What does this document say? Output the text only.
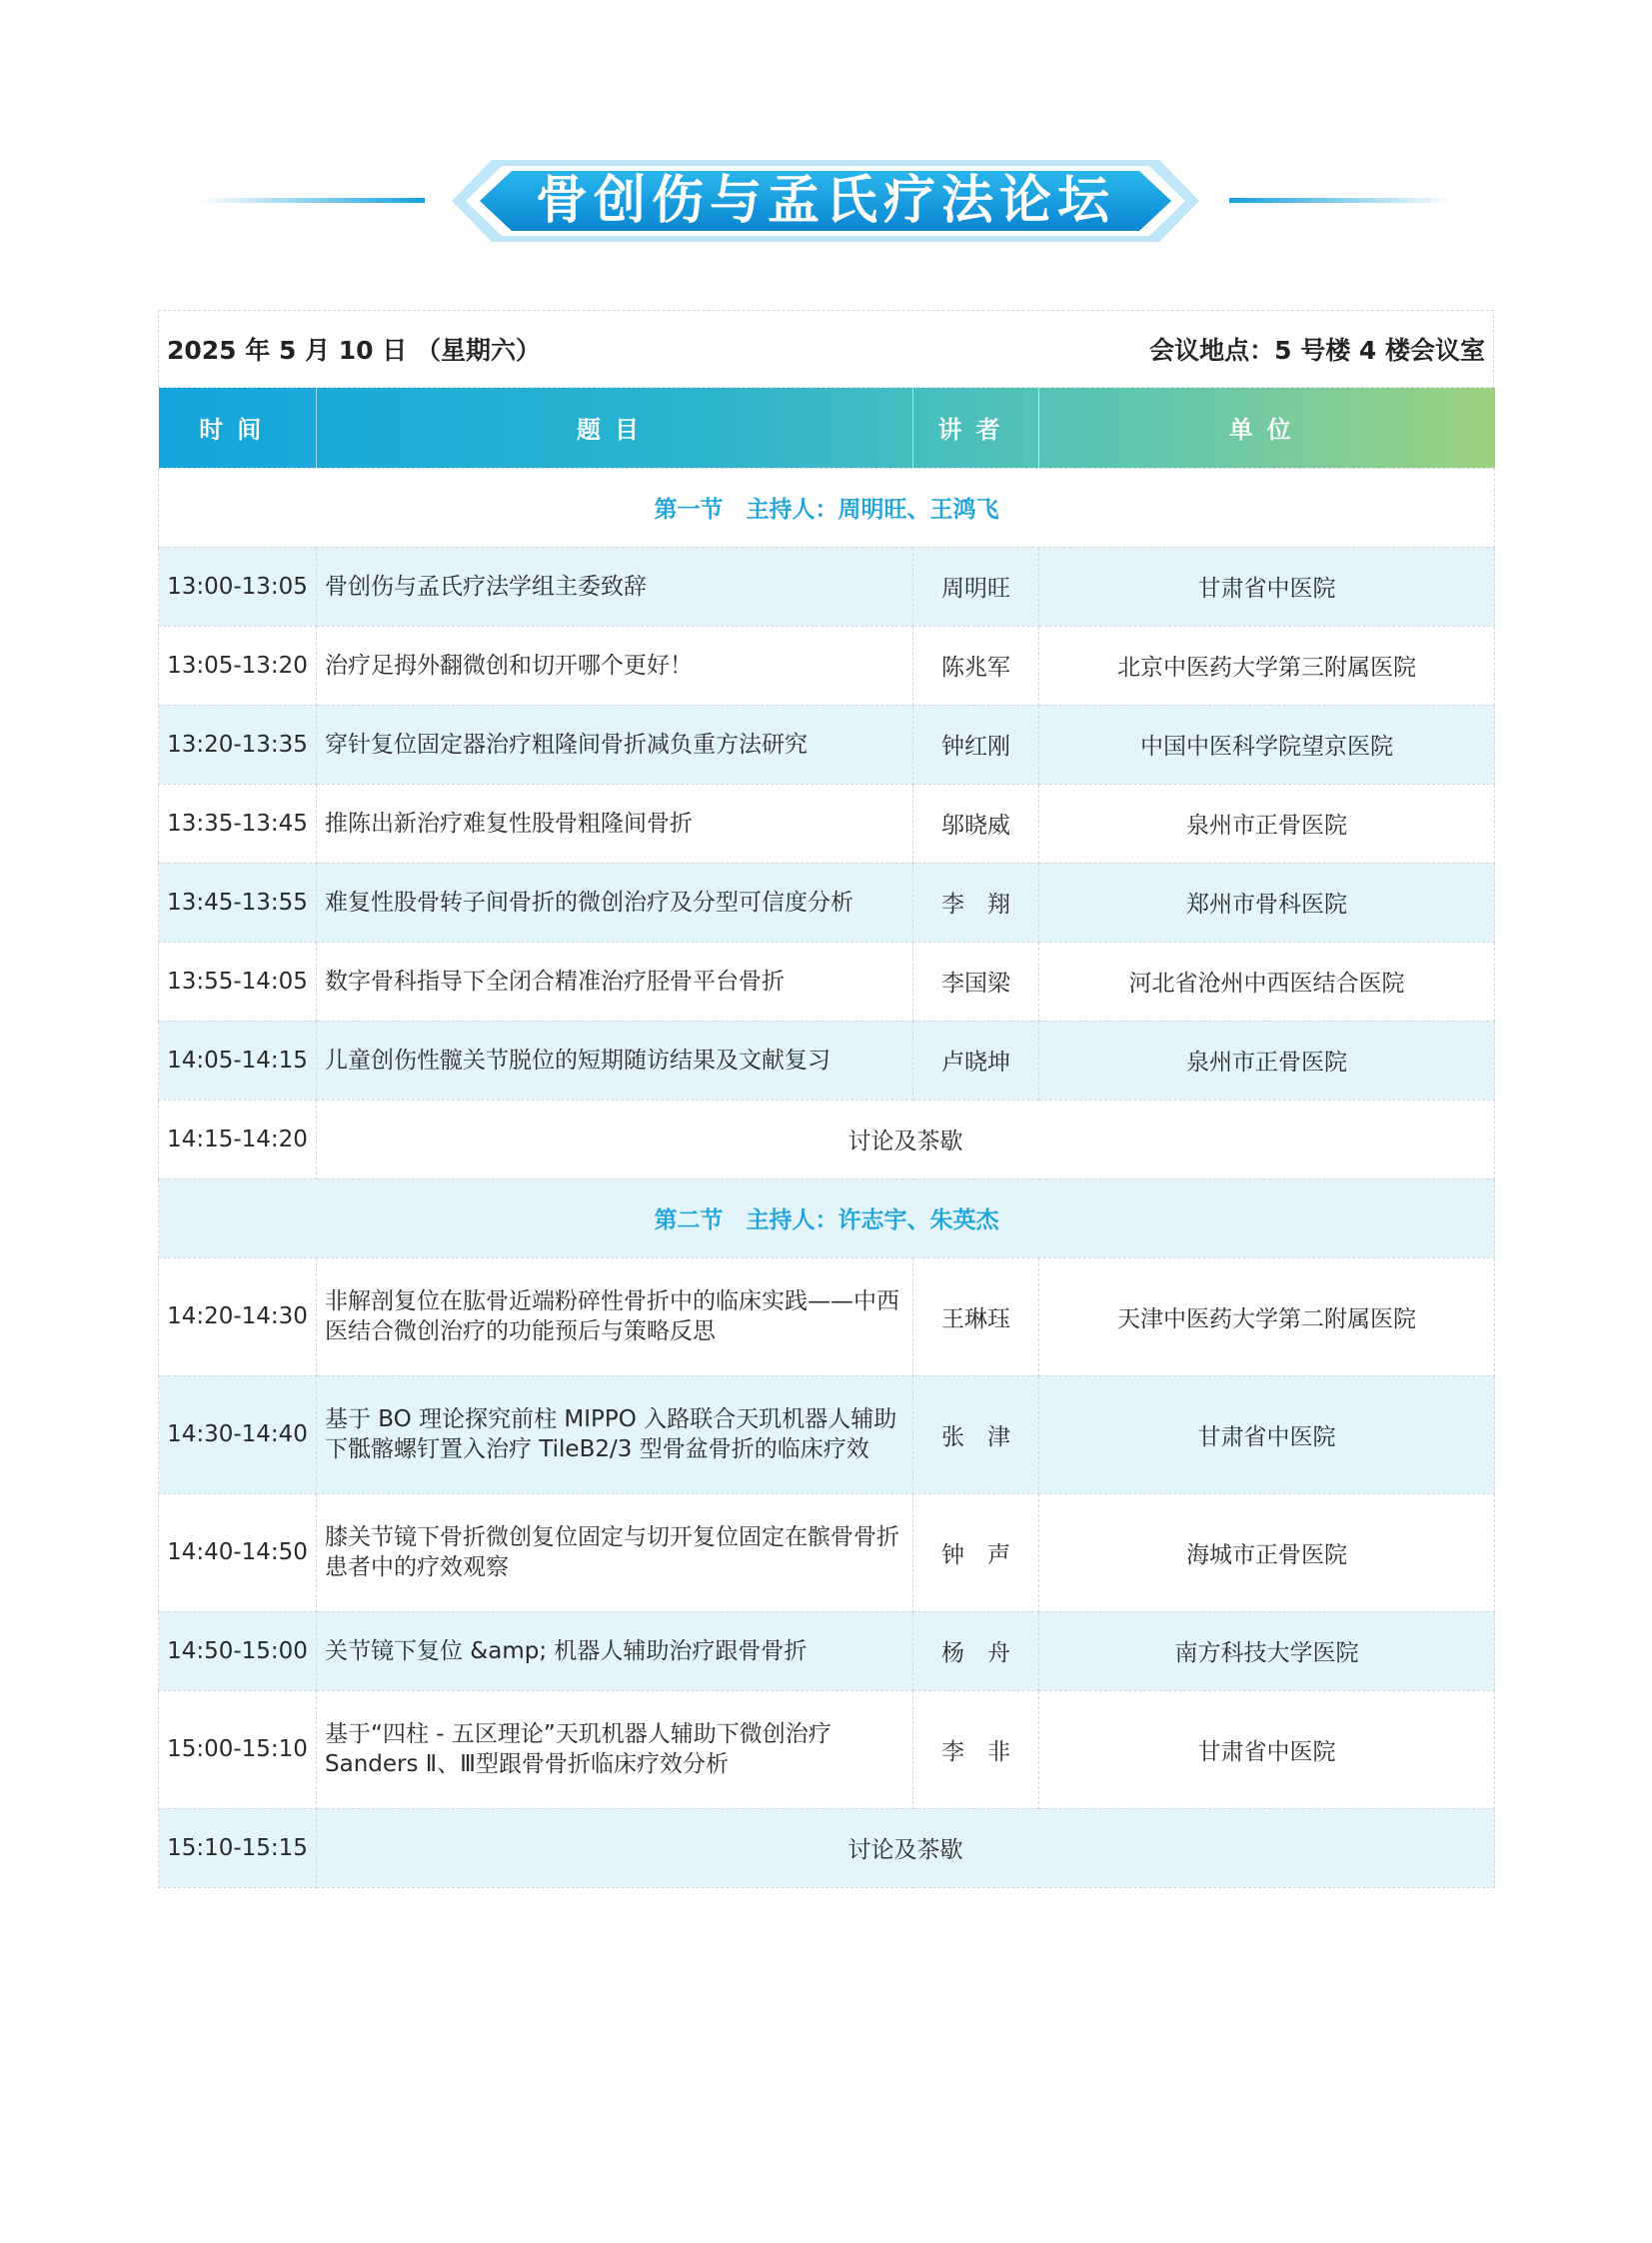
骨创伤与孟氏疗法论坛
2025 年 5 月 10 日 （星期六）	会议地点：5 号楼 4 楼会议室
时间	题目	讲者	单位
第一节　主持人：周明旺、王鸿飞			
13:00-13:05	骨创伤与孟氏疗法学组主委致辞	周明旺	甘肃省中医院
13:05-13:20	治疗足拇外翻微创和切开哪个更好！	陈兆军	北京中医药大学第三附属医院
13:20-13:35	穿针复位固定器治疗粗隆间骨折减负重方法研究	钟红刚	中国中医科学院望京医院
13:35-13:45	推陈出新治疗难复性股骨粗隆间骨折	邬晓威	泉州市正骨医院
13:45-13:55	难复性股骨转子间骨折的微创治疗及分型可信度分析	李　翔	郑州市骨科医院
13:55-14:05	数字骨科指导下全闭合精准治疗胫骨平台骨折	李国梁	河北省沧州中西医结合医院
14:05-14:15	儿童创伤性髋关节脱位的短期随访结果及文献复习	卢晓坤	泉州市正骨医院
14:15-14:20	讨论及茶歇		
第二节　主持人：许志宇、朱英杰			
14:20-14:30	非解剖复位在肱骨近端粉碎性骨折中的临床实践——中西医结合微创治疗的功能预后与策略反思	王琳珏	天津中医药大学第二附属医院
14:30-14:40	基于 BO 理论探究前柱 MIPPO 入路联合天玑机器人辅助下骶髂螺钉置入治疗 TileB2/3 型骨盆骨折的临床疗效	张　津	甘肃省中医院
14:40-14:50	膝关节镜下骨折微创复位固定与切开复位固定在髌骨骨折患者中的疗效观察	钟　声	海城市正骨医院
14:50-15:00	关节镜下复位 &amp; 机器人辅助治疗跟骨骨折	杨　舟	南方科技大学医院
15:00-15:10	基于“四柱 - 五区理论”天玑机器人辅助下微创治疗 Sanders Ⅱ、Ⅲ型跟骨骨折临床疗效分析	李　非	甘肃省中医院
15:10-15:15	讨论及茶歇		
